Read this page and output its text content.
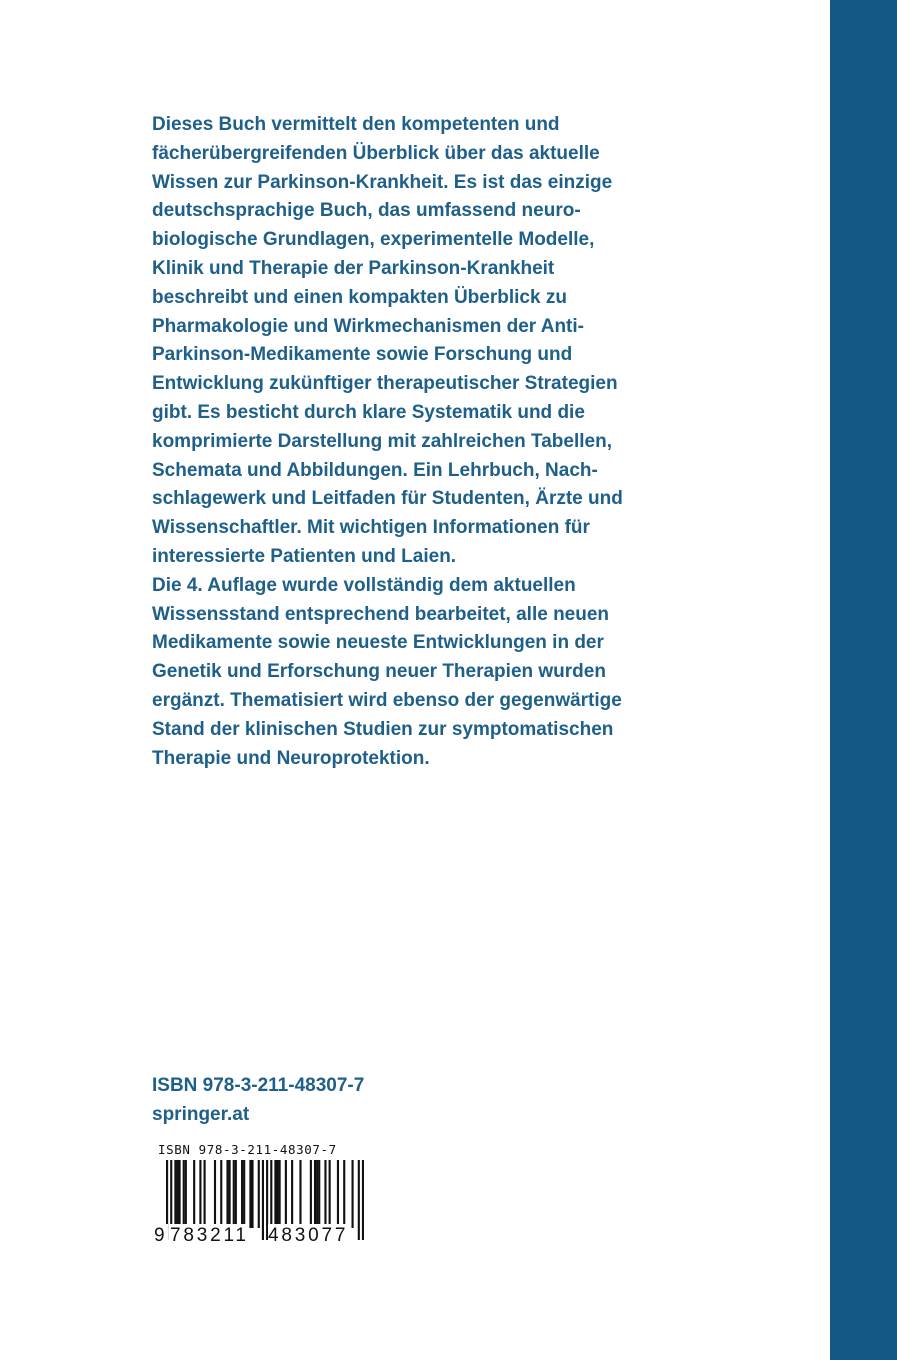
Dieses Buch vermittelt den kompetenten und
fächerübergreifenden Überblick über das aktuelle
Wissen zur Parkinson-Krankheit. Es ist das einzige
deutschsprachige Buch, das umfassend neuro-
biologische Grundlagen, experimentelle Modelle,
Klinik und Therapie der Parkinson-Krankheit
beschreibt und einen kompakten Überblick zu
Pharmakologie und Wirkmechanismen der Anti-
Parkinson-Medikamente sowie Forschung und
Entwicklung zukünftiger therapeutischer Strategien
gibt. Es besticht durch klare Systematik und die
komprimierte Darstellung mit zahlreichen Tabellen,
Schemata und Abbildungen. Ein Lehrbuch, Nach-
schlagewerk und Leitfaden für Studenten, Ärzte und
Wissenschaftler. Mit wichtigen Informationen für
interessierte Patienten und Laien.
Die 4. Auflage wurde vollständig dem aktuellen
Wissensstand entsprechend bearbeitet, alle neuen
Medikamente sowie neueste Entwicklungen in der
Genetik und Erforschung neuer Therapien wurden
ergänzt. Thematisiert wird ebenso der gegenwärtige
Stand der klinischen Studien zur symptomatischen
Therapie und Neuroprotektion.
ISBN 978-3-211-48307-7
springer.at
ISBN 978-3-211-48307-7
9 783211 483077
